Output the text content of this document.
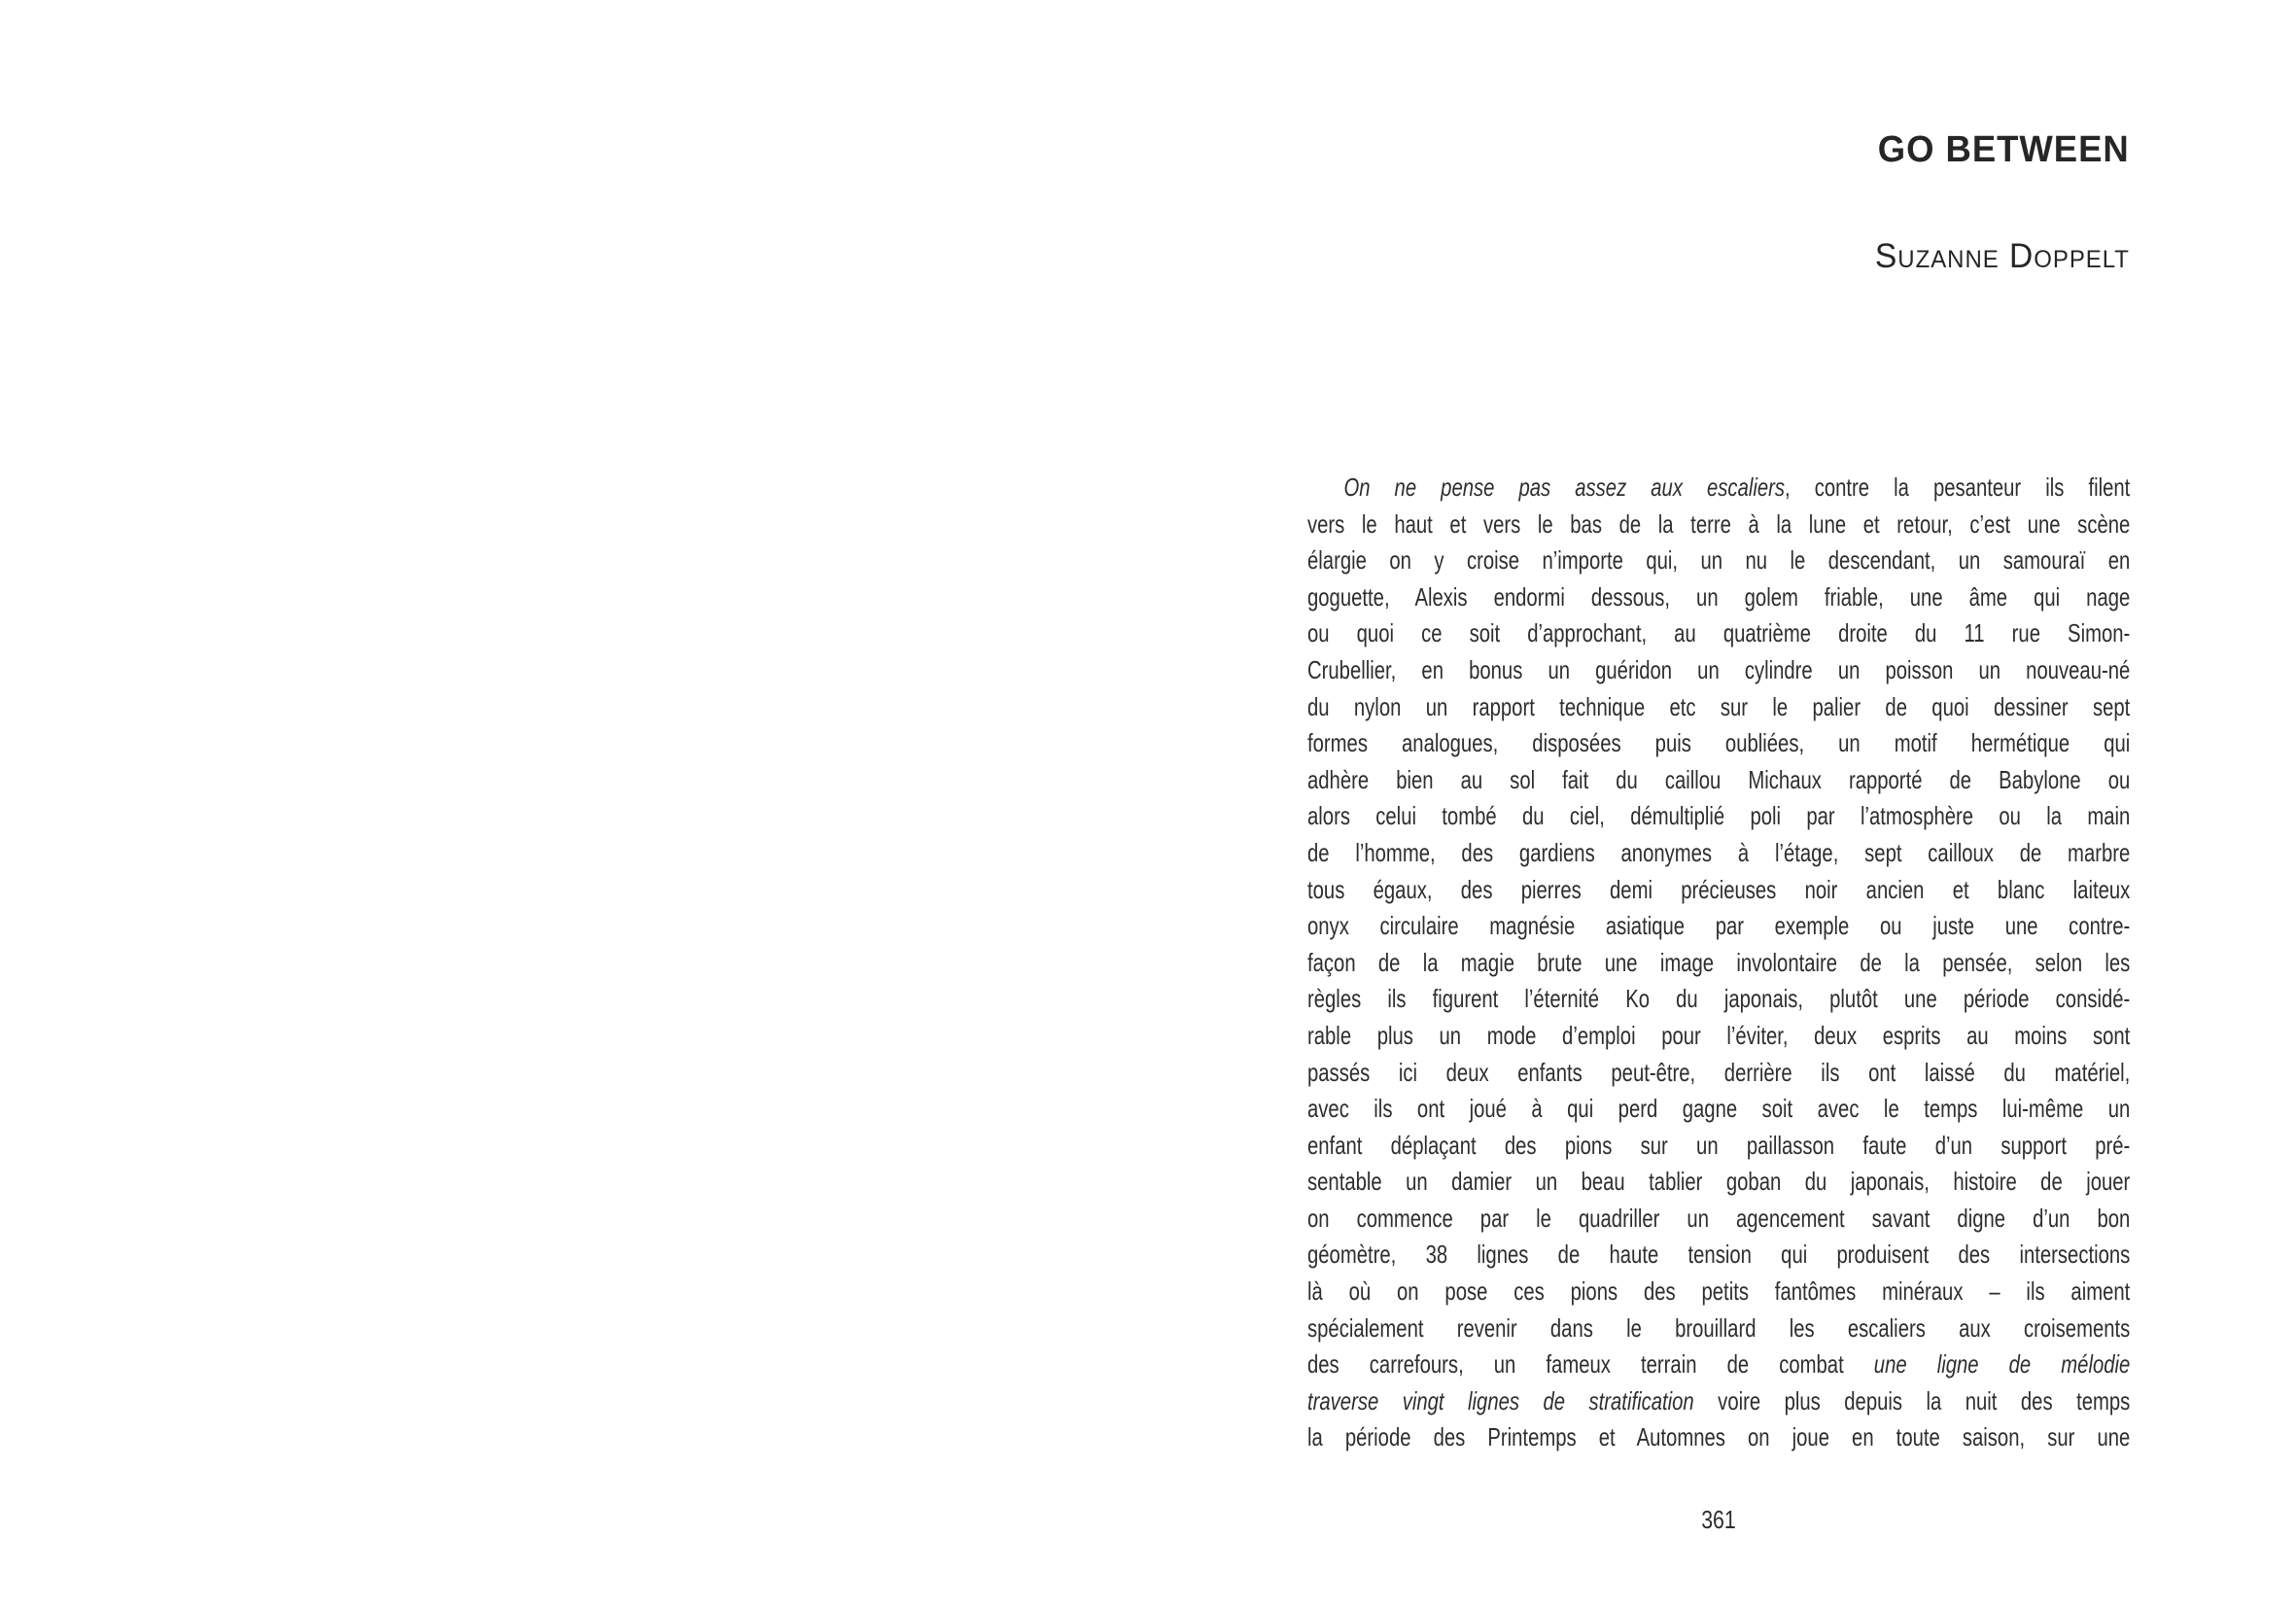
GO BETWEEN
Suzanne Doppelt
On ne pense pas assez aux escaliers, contre la pesanteur ils filent
vers le haut et vers le bas de la terre à la lune et retour, c’est une scène
élargie on y croise n’importe qui, un nu le descendant, un samouraï en
goguette, Alexis endormi dessous, un golem friable, une âme qui nage
ou quoi ce soit d’approchant, au quatrième droite du 11 rue Simon-
Crubellier, en bonus un guéridon un cylindre un poisson un nouveau-né
du nylon un rapport technique etc sur le palier de quoi dessiner sept
formes analogues, disposées puis oubliées, un motif hermétique qui
adhère bien au sol fait du caillou Michaux rapporté de Babylone ou
alors celui tombé du ciel, démultiplié poli par l’atmosphère ou la main
de l’homme, des gardiens anonymes à l’étage, sept cailloux de marbre
tous égaux, des pierres demi précieuses noir ancien et blanc laiteux
onyx circulaire magnésie asiatique par exemple ou juste une contre-
façon de la magie brute une image involontaire de la pensée, selon les
règles ils figurent l’éternité Ko du japonais, plutôt une période considé-
rable plus un mode d’emploi pour l’éviter, deux esprits au moins sont
passés ici deux enfants peut-être, derrière ils ont laissé du matériel,
avec ils ont joué à qui perd gagne soit avec le temps lui-même un
enfant déplaçant des pions sur un paillasson faute d’un support pré-
sentable un damier un beau tablier goban du japonais, histoire de jouer
on commence par le quadriller un agencement savant digne d’un bon
géomètre, 38 lignes de haute tension qui produisent des intersections
là où on pose ces pions des petits fantômes minéraux – ils aiment
spécialement revenir dans le brouillard les escaliers aux croisements
des carrefours, un fameux terrain de combat une ligne de mélodie
traverse vingt lignes de stratification voire plus depuis la nuit des temps
la période des Printemps et Automnes on joue en toute saison, sur une
361
